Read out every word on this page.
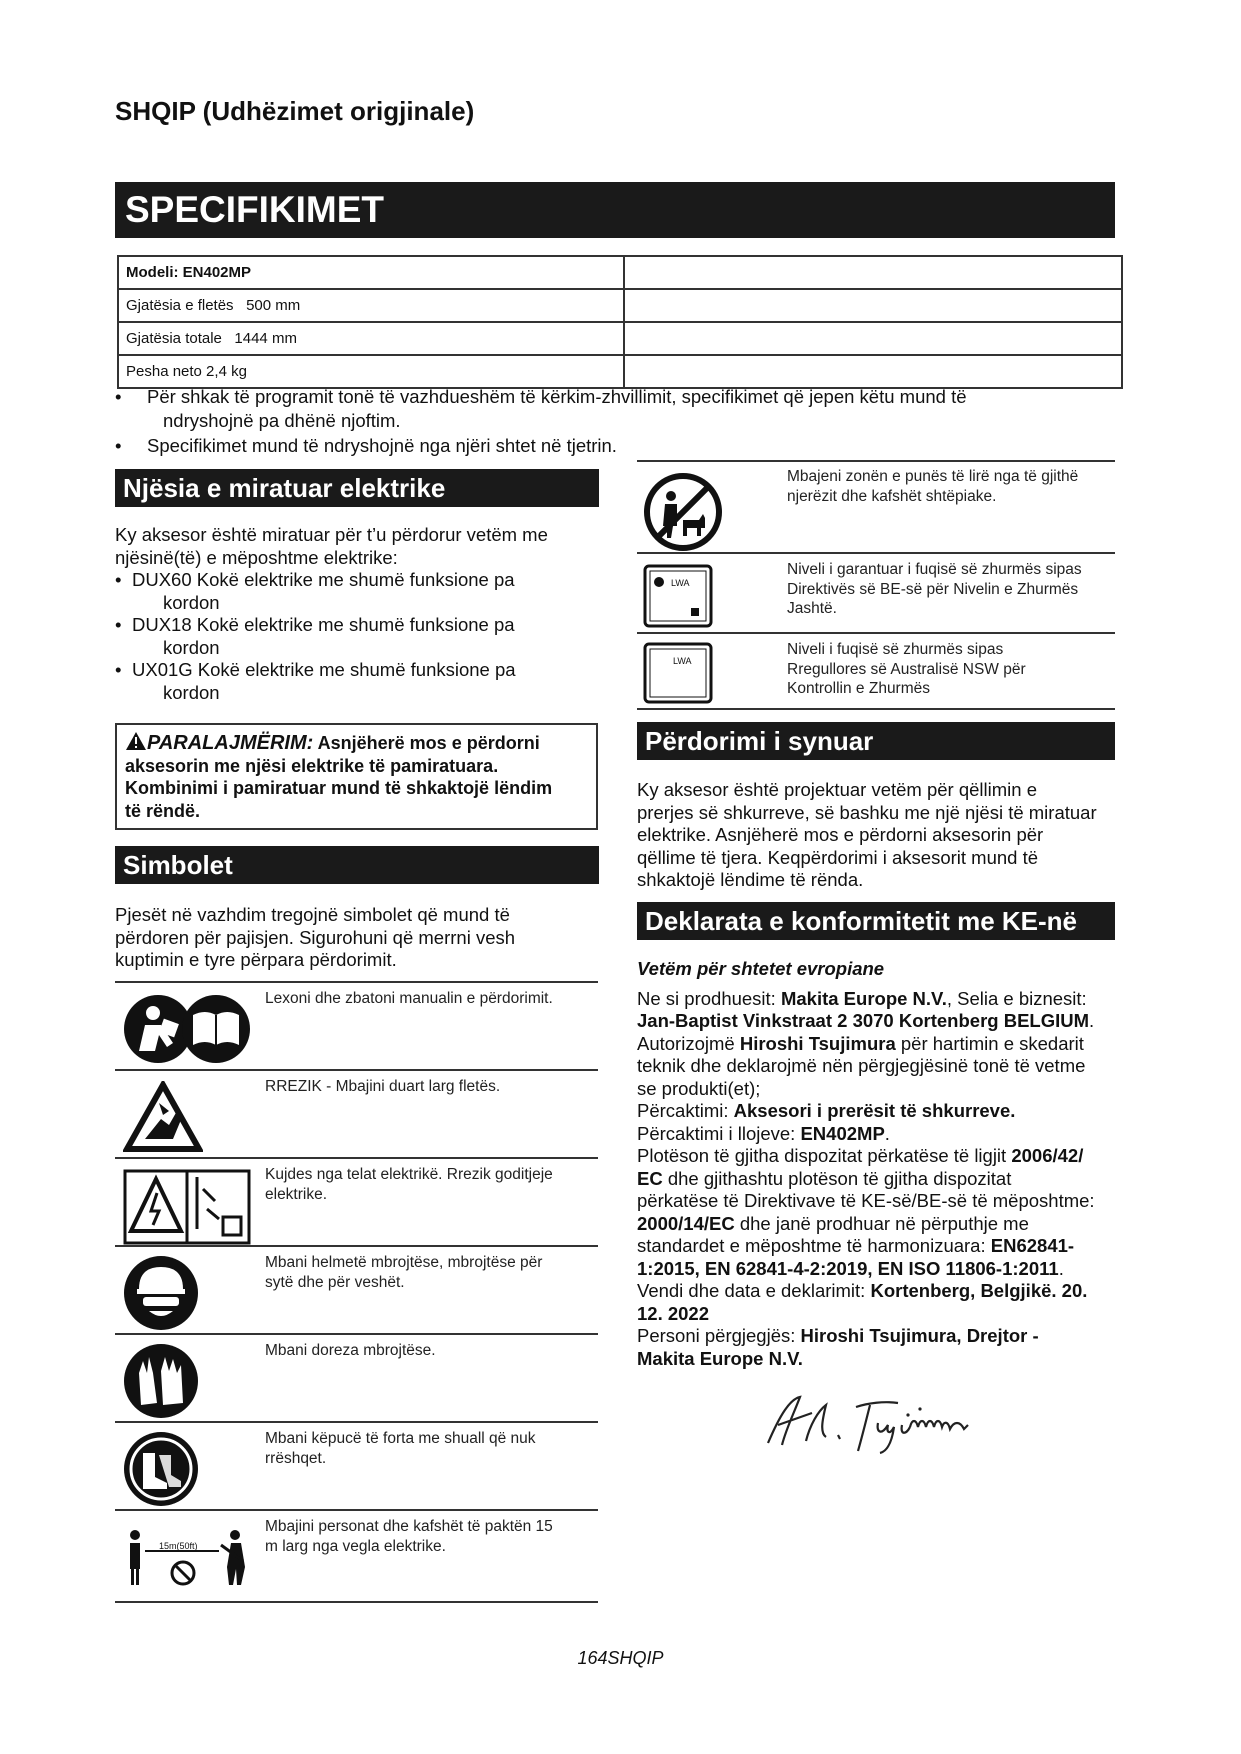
SHQIP (Udhëzimet origjinale)
SPECIFIKIMET
Modeli: EN402MP	
Gjatësia e fletës 500 mm	
Gjatësia totale 1444 mm	
Pesha neto 2,4 kg	
•	Për shkak të programit tonë të vazhdueshëm të kërkim-zhvillimit, specifikimet që jepen këtu mund të
ndryshojnë pa dhënë njoftim.
•	Specifikimet mund të ndryshojnë nga njëri shtet në tjetrin.
Njësia e miratuar elektrike
Ky aksesor është miratuar për t’u përdorur vetëm me
njësinë(të) e mëposhtme elektrike:
• DUX60 Kokë elektrike me shumë funksione pa
kordon
• DUX18 Kokë elektrike me shumë funksione pa
kordon
• UX01G Kokë elektrike me shumë funksione pa
kordon
PARALAJMËRIM: Asnjëherë mos e përdorni
aksesorin me njësi elektrike të pamiratuara.
Kombinimi i pamiratuar mund të shkaktojë lëndim
të rëndë.
Simbolet
Pjesët në vazhdim tregojnë simbolet që mund të
përdoren për pajisjen. Sigurohuni që merrni vesh
kuptimin e tyre përpara përdorimit.
Lexoni dhe zbatoni manualin e përdorimit.
RREZIK - Mbajini duart larg fletës.
Kujdes nga telat elektrikë. Rrezik goditjeje
elektrike.
Mbani helmetë mbrojtëse, mbrojtëse për
sytë dhe për veshët.
Mbani doreza mbrojtëse.
Mbani këpucë të forta me shuall që nuk
rrëshqet.
15m(50ft)
Mbajini personat dhe kafshët të paktën 15
m larg nga vegla elektrike.
Mbajeni zonën e punës të lirë nga të gjithë
njerëzit dhe kafshët shtëpiake.
LWA
Niveli i garantuar i fuqisë së zhurmës sipas
Direktivës së BE-së për Nivelin e Zhurmës
Jashtë.
LWA
Niveli i fuqisë së zhurmës sipas
Rregullores së Australisë NSW për
Kontrollin e Zhurmës
Përdorimi i synuar
Ky aksesor është projektuar vetëm për qëllimin e
prerjes së shkurreve, së bashku me një njësi të miratuar
elektrike. Asnjëherë mos e përdorni aksesorin për
qëllime të tjera. Keqpërdorimi i aksesorit mund të
shkaktojë lëndime të rënda.
Deklarata e konformitetit me KE-në
Vetëm për shtetet evropiane
Ne si prodhuesit: Makita Europe N.V., Selia e biznesit:
Jan-Baptist Vinkstraat 2 3070 Kortenberg BELGIUM.
Autorizojmë Hiroshi Tsujimura për hartimin e skedarit
teknik dhe deklarojmë nën përgjegjësinë tonë të vetme
se produkti(et);
Përcaktimi: Aksesori i prerësit të shkurreve.
Përcaktimi i llojeve: EN402MP.
Plotëson të gjitha dispozitat përkatëse të ligjit 2006/42/
EC dhe gjithashtu plotëson të gjitha dispozitat
përkatëse të Direktivave të KE-së/BE-së të mëposhtme:
2000/14/EC dhe janë prodhuar në përputhje me
standardet e mëposhtme të harmonizuara: EN62841-
1:2015, EN 62841-4-2:2019, EN ISO 11806-1:2011.
Vendi dhe data e deklarimit: Kortenberg, Belgjikë. 20.
12. 2022
Personi përgjegjës: Hiroshi Tsujimura, Drejtor -
Makita Europe N.V.
164SHQIP
